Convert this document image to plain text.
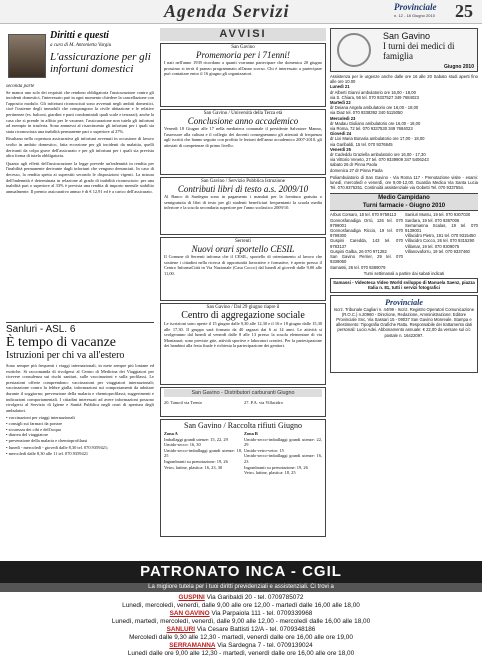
Agenda Servizi	Provinciale
n. 12 - 18 Giugno 2010 25
Diritti e questi
a cura di M. Antonietta Vargiu
L'assicurazione per gli infortuni domestici
seconda parte

Se manca uno solo dei requisiti che rendono obbligatoria l'assicurazione contro gli incidenti domestici, l'interessato può in ogni momento chiedere la cancellazione con l'apposito modulo. Gli infortuni riconosciuti sono avvenuti negli ambiti domestici, cioè l'insieme degli immobili che compongono la civile abitazione e le relative pertinenze (es. balconi, giardini e parti condominiali quali scale e terrazzi); anche la casa che si prende in affitto per le vacanze, l'assicurazione non tutela gli infortuni ad esempio in trasferta. Sono ammessi al risarcimento gli infortuni per i quali sia stata riconosciuta una inabilità permanente pari o superiore al 27%.

Risultano nella copertura assicurativa gli infortuni avvenuti in occasione di lavoro svolto in ambito domestico, fatta eccezione per gli incidenti da malattia, quelli derivanti da colpa grave dell'assicurato e per gli infortuni per i quali sia prevista altra forma di tutela obbligatoria.

Quanto agli effetti dell'assicurazione la legge prevede un'indennità in rendita per l'inabilità permanente derivante dagli infortuni che vengono denunciati. In caso di decesso, la rendita spetta ai superstiti secondo le disposizioni vigenti. La misura dell'indennità è determinata in relazione al grado di inabilità riconosciuto: per una inabilità pari o superiore al 33% è prevista una rendita di importo mensile stabilito annualmente. Il premio assicurativo annuo è di € 12,91 ed è a carico dell'assicurato.

Sanluri - ASL. 6
È tempo di vacanze
Istruzioni per chi va all'estero

Sono sempre più frequenti i viaggi internazionali, in mete sempre più lontane ed esotiche. Si raccomanda di rivolgersi al Centro di Medicina dei Viaggiatori per ricevere consulenza sui rischi sanitari, sulle vaccinazioni e sulla profilassi. Le prestazioni offerte comprendono: vaccinazioni per viaggiatori internazionali; vaccinazione contro la febbre gialla; informazioni sui comportamenti da adottare durante il soggiorno; prevenzione della malaria e chemioprofilassi; suggerimenti e indicazioni comportamentali. I cittadini interessati ad avere informazioni possono rivolgersi al Servizio di Igiene e Sanità Pubblica negli orari di apertura degli ambulatori.

• vaccinazioni per viaggi internazionali
• consigli sui farmaci da portare
• sicurezza dei cibi e dell'acqua
• diarrea del viaggiatore
• prevenzione della malaria e chemioprofilassi
• Iunedì - mercoledì - giovedì dalle 8,30 tel. 070.9359421;
• mercoledì dalle 8,30 alle 11 tel. 070.9359421
AVVISI
San Gavino
Promemoria per i 71enni!

I nati nell'anno 1939 ricordano a quanti vorranno partecipare che domenica 20 giugno prossimo si terrà il pranzo programmato all'anno scorso. Chi è interessato a partecipare può contattare entro il 16 giugno gli organizzatori.

San Gavino / Università della Terza età
Conclusione anno accademico

Venerdì 18 Giugno alle 17 nella mediateca comunale il presidente Salvatore Manno, l'assessore alla cultura e il collegio dei docenti consegneranno gli attestati di frequenza agli iscritti che hanno seguito con profitto le lezioni dell'anno accademico 2007-2010, gli attestati di competenze di primo livello.

San Gavino / Servizio Pubblica Istruzione
Contributi libri di testo a.s. 2009/10

Al Banco di Sardegna sono in pagamento i mandati per la fornitura gratuita o semigratuita di libri di testo per gli studenti beneficiari frequentanti la scuola media inferiore e la scuola secondaria superiore per l'anno scolastico 2009/10.

Serrenti
Nuovi orari sportello CESIL

Il Comune di Serrenti informa che il CESIL, sportello di orientamento al lavoro che sostiene i cittadini nella ricerca di opportunità lavorative e formative, è aperto presso il Centro InformaCittà in Via Nazionale (Casa Cocco) dal lunedì al giovedì dalle 9,00 alle 11,00.

San Gavino / Dal 29 giugno riapre il
Centro di aggregazione sociale

Le iscrizioni sono aperte il 15 giugno dalle 9,30 alle 12,30 e il 16 e 18 giugno dalle 15,30 alle 17,30. Il gruppo sarà formato da 40 ragazzi dai 6 ai 14 anni. Le attività si svolgeranno dal lunedì al venerdì dalle 8 alle 13 presso la scuola elementare di via Montanari; sono previste gite, attività sportive e laboratori creativi. Per la partecipazione dei bambini alla festa finale è richiesta la partecipazione dei genitori.

San Gavino - Distributori carburanti Giugno
20. Tamoil via Trento	27. P.A. via Villacidro
San Gavino / Raccolta rifiuti Giugno
Zona A
Imballaggi grandi utenze: 15, 22, 29
Umido-secco: 16, 30
Umido-secco-imballaggi grandi utenze: 18, 25
Ingombranti su prenotazione: 19, 26
Vetro, lattine, plastica: 16, 23, 30
Zona B
Umido-secco-imballaggi grandi utenze: 22, 29
Umido-vetro-vetro: 15
Umido-secco-imballaggi grandi utenze: 16, 23
Ingombranti su prenotazione: 19, 26
Vetro, lattine, plastica: 18, 25
San Gavino
I turni dei medici di famiglia
Giugno 2010
Assistenza per le urgenze anche dalle ore 16 alle 20 Sabato studi aperti fino alle ore 10.00
Lunedì 21
dr Alberti Gianni ambulatorio ore 16,00 - 18,00
via S. Chiara, 56 tel. 070 9337527 349 7684023
Martedì 22
dr Deiana Angela ambulatorio ore 16,00 - 18,00
via Diaz tel. 070 9338392 340 5115050
Mercoledì 23
dr Madau Giuliano ambulatorio ore 16,00 - 18,00
via Roma, 72 tel. 070 9337530 349 7684023
Giovedì 24
dr Lixi Maria Bonaria ambulatorio ore 17,00 - 18,00
via Garibaldi, 15 tel. 070 9376845
Venerdì 25
dr Cadeddu Graziella ambulatorio ore 16,00 - 17,30
via Vittorio Veneto, 27 tel. 070 9339909 347 5406243
sabato 26 dr Pinna Paola
domenica 27 dr Pinna Paola

Poliambulatorio di San Gavino - Via Roma 117 - Prenotazione visite - esami: lunedì, mercoledì e venerdì, ore 9,00-12,00. Guardia Medica Via Santa Lucia Tel. 070.9375251. Continuità assistenziale via Gobetti Tel. 070 9337554.

Medio Campidano
Turni farmacie - Giugno 2010
Arbus Corsaro, 18 tel. 070 9759113
Gonnosfanadiga Orrù, 126 tel. 070 9799001
Gonnosfanadiga Riccio, 19 tel. 070 9799300
Guspini Caredda, 143 tel. 070 9783137
Guspini Galba, 26 070 971282
San Gavino Perrier, 29 tel. 070 9339060
Samassi, 26 tel. 070 9389079
Sanluri Muntu, 19 tel. 070 9307030
Sardara, 19 tel. 070 9387006
Serramanna Scalas, 19 tel. 070 9139001
Villacidro Pietro, 191 tel. 070 9315450
Villacidro Cocco, 26 tel. 070 9315290
Villamar, 19 tel. 070 9309075
Villanovaforru, 19 tel. 070 9337460
Turni settimanali a partire dai sabati indicati
Samassi - Videoteca Video World sviluppo di Manuela Saenz, piazza Italia n. 81, tutti i servizi fotografici
Provinciale

Iscrz. Tribunale Cagliari n. 44/99 - Iscriz. Registro Operatori Comunicazione (R.O.C.) n.20960 - Direzione, Redazione, Amministrazione: Editore Provinciale Snc, Via Sassari 15 - 09037 San Gavino Monreale. Stampa e allestimento: Tipografia Grafiche Rattu. Responsabile dei trattamento dati personali: Lucio Adei. Abbonamento annuale: € 22,00 da versare sul c/c postale n. 16422097.

PATRONATO INCA - CGIL
La migliore tutela per i tuoi diritti previdenziali e assistenziali. Ci trovi a
GUSPINI Via Garibaldi 20 - tel. 0709785072
Lunedì, mercoledì, venerdì, dalle 9,00 alle ore 12,00 - martedì dalle 16,00 alle 18,00
SAN GAVINO Via Parpaiola 111 - tel. 0709339968
Lunedì, martedì, mercoledì, venerdì, dalle 9,00 alle 12,00 - mercoledì dalle 16,00 alle 18,00
SANLURI Via Cesare Battisti 12/A - tel. 0709348186
Mercoledì dalle 9,30 alle 12,30 - martedì, venerdì dalle ore 16,00 alle ore 19,00
SERRAMANNA Via Sardegna 7 - tel. 0709139024
Lunedì dalle ore 9,00 alle 12,30 - martedì, venerdì dalle ore 16,00 alle ore 18,00
